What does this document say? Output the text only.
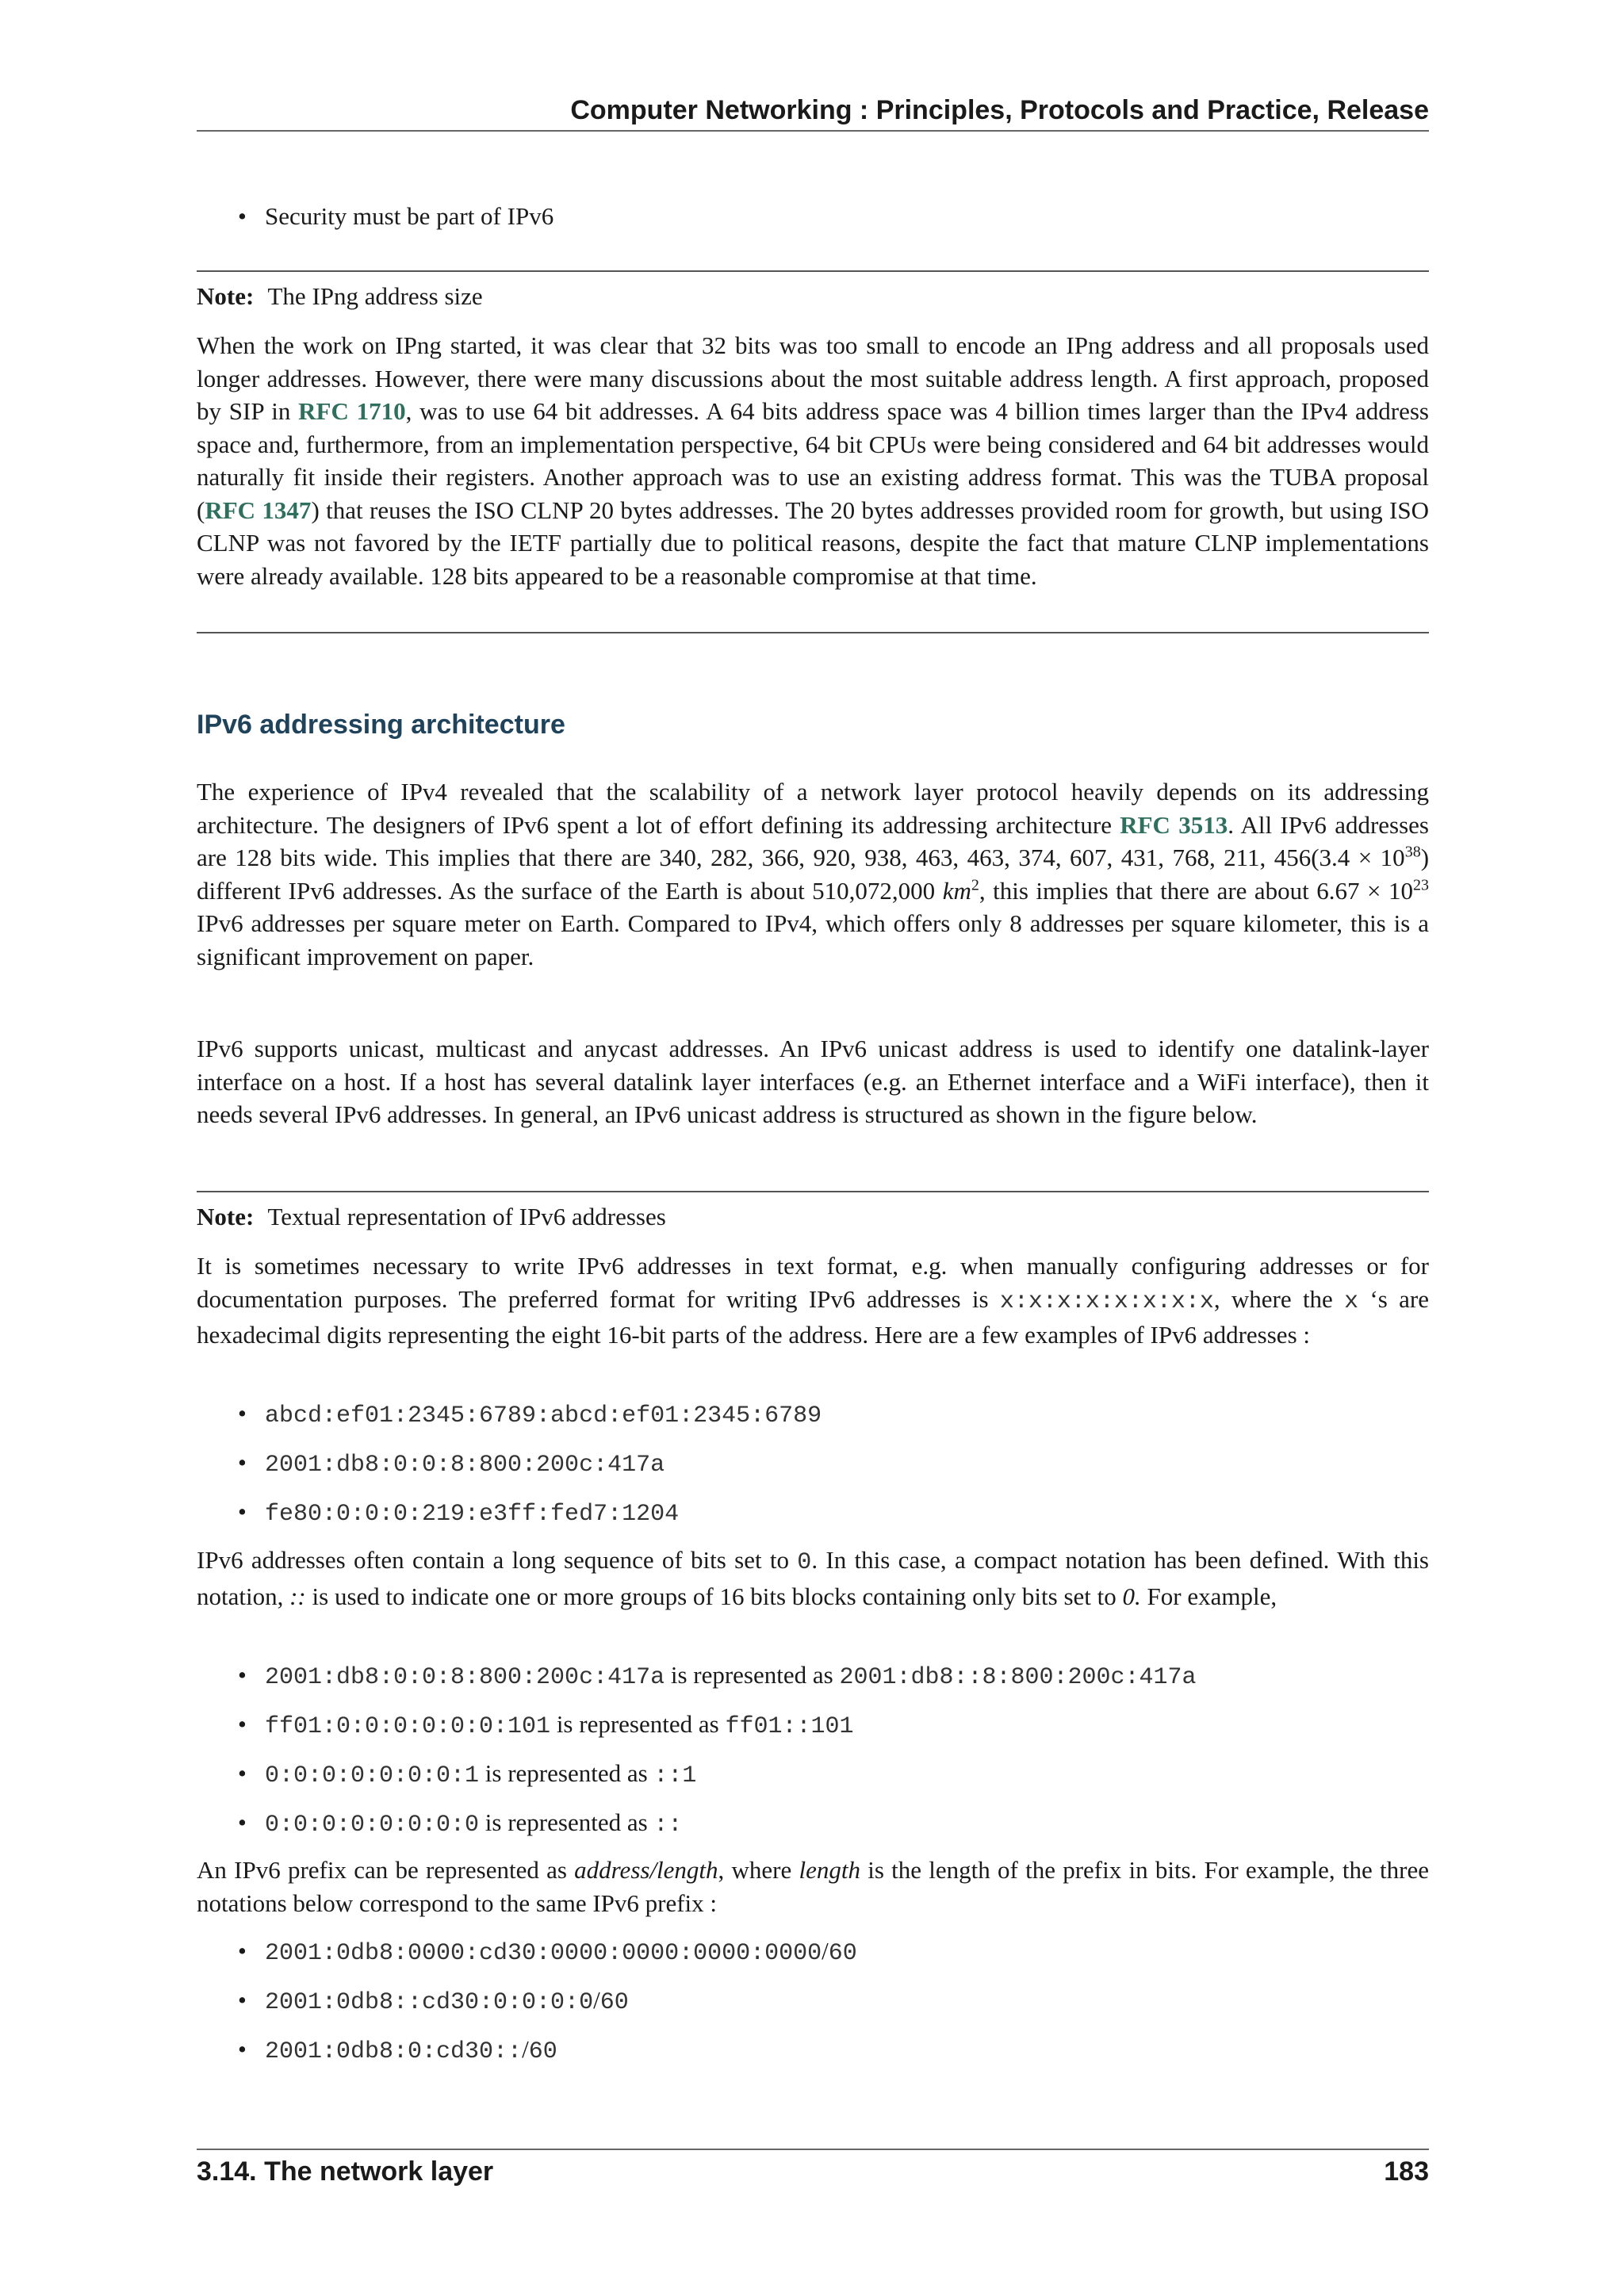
Computer Networking : Principles, Protocols and Practice, Release
• Security must be part of IPv6
Note: The IPng address size
When the work on IPng started, it was clear that 32 bits was too small to encode an IPng address and all proposals used longer addresses. However, there were many discussions about the most suitable address length. A first approach, proposed by SIP in RFC 1710, was to use 64 bit addresses. A 64 bits address space was 4 billion times larger than the IPv4 address space and, furthermore, from an implementation perspective, 64 bit CPUs were being considered and 64 bit addresses would naturally fit inside their registers. Another approach was to use an existing address format. This was the TUBA proposal (RFC 1347) that reuses the ISO CLNP 20 bytes addresses. The 20 bytes addresses provided room for growth, but using ISO CLNP was not favored by the IETF partially due to political reasons, despite the fact that mature CLNP implementations were already available. 128 bits appeared to be a reasonable compromise at that time.
IPv6 addressing architecture
The experience of IPv4 revealed that the scalability of a network layer protocol heavily depends on its addressing architecture. The designers of IPv6 spent a lot of effort defining its addressing architecture RFC 3513. All IPv6 addresses are 128 bits wide. This implies that there are 340, 282, 366, 920, 938, 463, 463, 374, 607, 431, 768, 211, $456(3.4 \times 10^{38})$ different IPv6 addresses. As the surface of the Earth is about 510,072,000 $km^2$, this implies that there are about $6.67 \times 10^{23}$ IPv6 addresses per square meter on Earth. Compared to IPv4, which offers only 8 addresses per square kilometer, this is a significant improvement on paper.
IPv6 supports unicast, multicast and anycast addresses. An IPv6 unicast address is used to identify one datalink-layer interface on a host. If a host has several datalink layer interfaces (e.g. an Ethernet interface and a WiFi interface), then it needs several IPv6 addresses. In general, an IPv6 unicast address is structured as shown in the figure below.
Note: Textual representation of IPv6 addresses
It is sometimes necessary to write IPv6 addresses in text format, e.g. when manually configuring addresses or for documentation purposes. The preferred format for writing IPv6 addresses is x:x:x:x:x:x:x:x, where the x ‘s are hexadecimal digits representing the eight 16-bit parts of the address. Here are a few examples of IPv6 addresses :
• abcd:ef01:2345:6789:abcd:ef01:2345:6789
• 2001:db8:0:0:8:800:200c:417a
• fe80:0:0:0:219:e3ff:fed7:1204
IPv6 addresses often contain a long sequence of bits set to 0. In this case, a compact notation has been defined. With this notation, :: is used to indicate one or more groups of 16 bits blocks containing only bits set to 0. For example,
• 2001:db8:0:0:8:800:200c:417a is represented as 2001:db8::8:800:200c:417a
• ff01:0:0:0:0:0:0:101 is represented as ff01::101
• 0:0:0:0:0:0:0:1 is represented as ::1
• 0:0:0:0:0:0:0:0 is represented as ::
An IPv6 prefix can be represented as address/length, where length is the length of the prefix in bits. For example, the three notations below correspond to the same IPv6 prefix :
• 2001:0db8:0000:cd30:0000:0000:0000:0000/60
• 2001:0db8::cd30:0:0:0:0/60
• 2001:0db8:0:cd30::/60
3.14. The network layer	183
